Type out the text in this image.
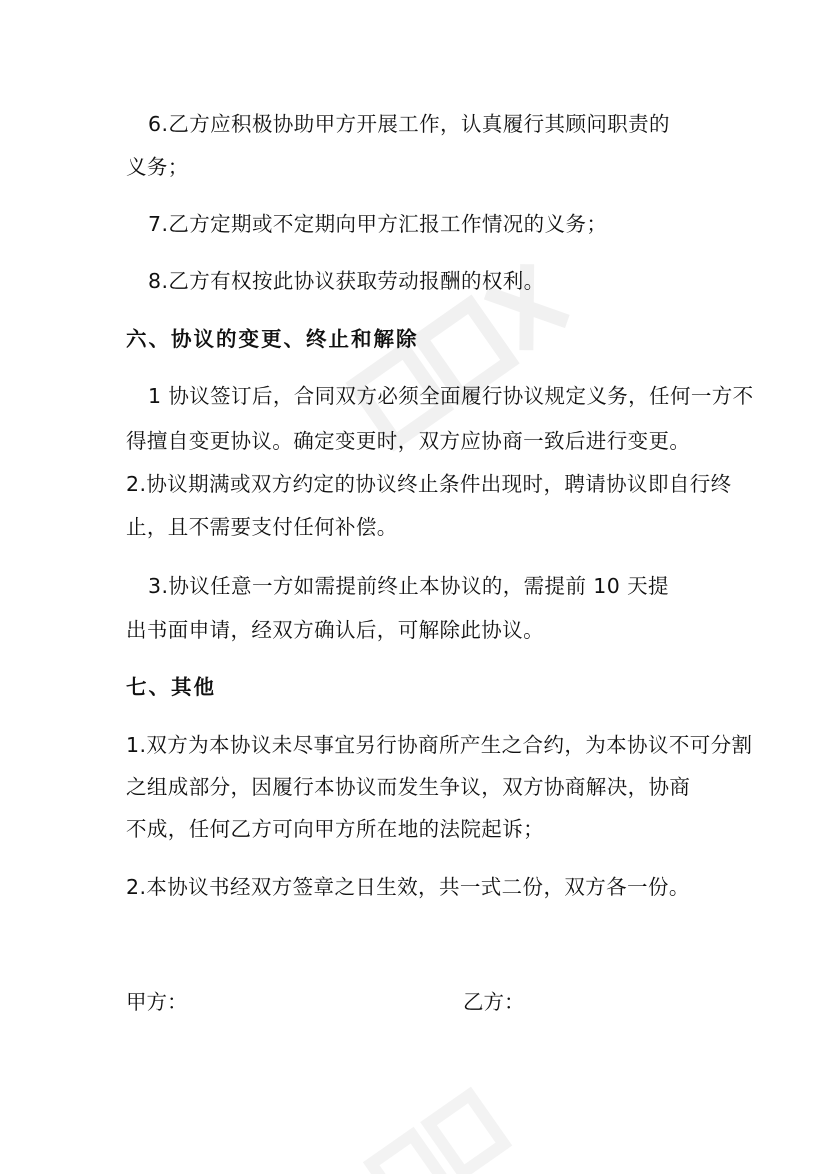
6.乙方应积极协助甲方开展工作，认真履行其顾问职责的
义务；
7.乙方定期或不定期向甲方汇报工作情况的义务；
8.乙方有权按此协议获取劳动报酬的权利。
六、协议的变更、终止和解除
1 协议签订后，合同双方必须全面履行协议规定义务，任何一方不
得擅自变更协议。确定变更时，双方应协商一致后进行变更。
2.协议期满或双方约定的协议终止条件出现时，聘请协议即自行终
止，且不需要支付任何补偿。
3.协议任意一方如需提前终止本协议的，需提前 10 天提
出书面申请，经双方确认后，可解除此协议。
七、其他
1.双方为本协议未尽事宜另行协商所产生之合约，为本协议不可分割
之组成部分，因履行本协议而发生争议，双方协商解决，协商
不成，任何乙方可向甲方所在地的法院起诉；
2.本协议书经双方签章之日生效，共一式二份，双方各一份。
甲方：	乙方：
